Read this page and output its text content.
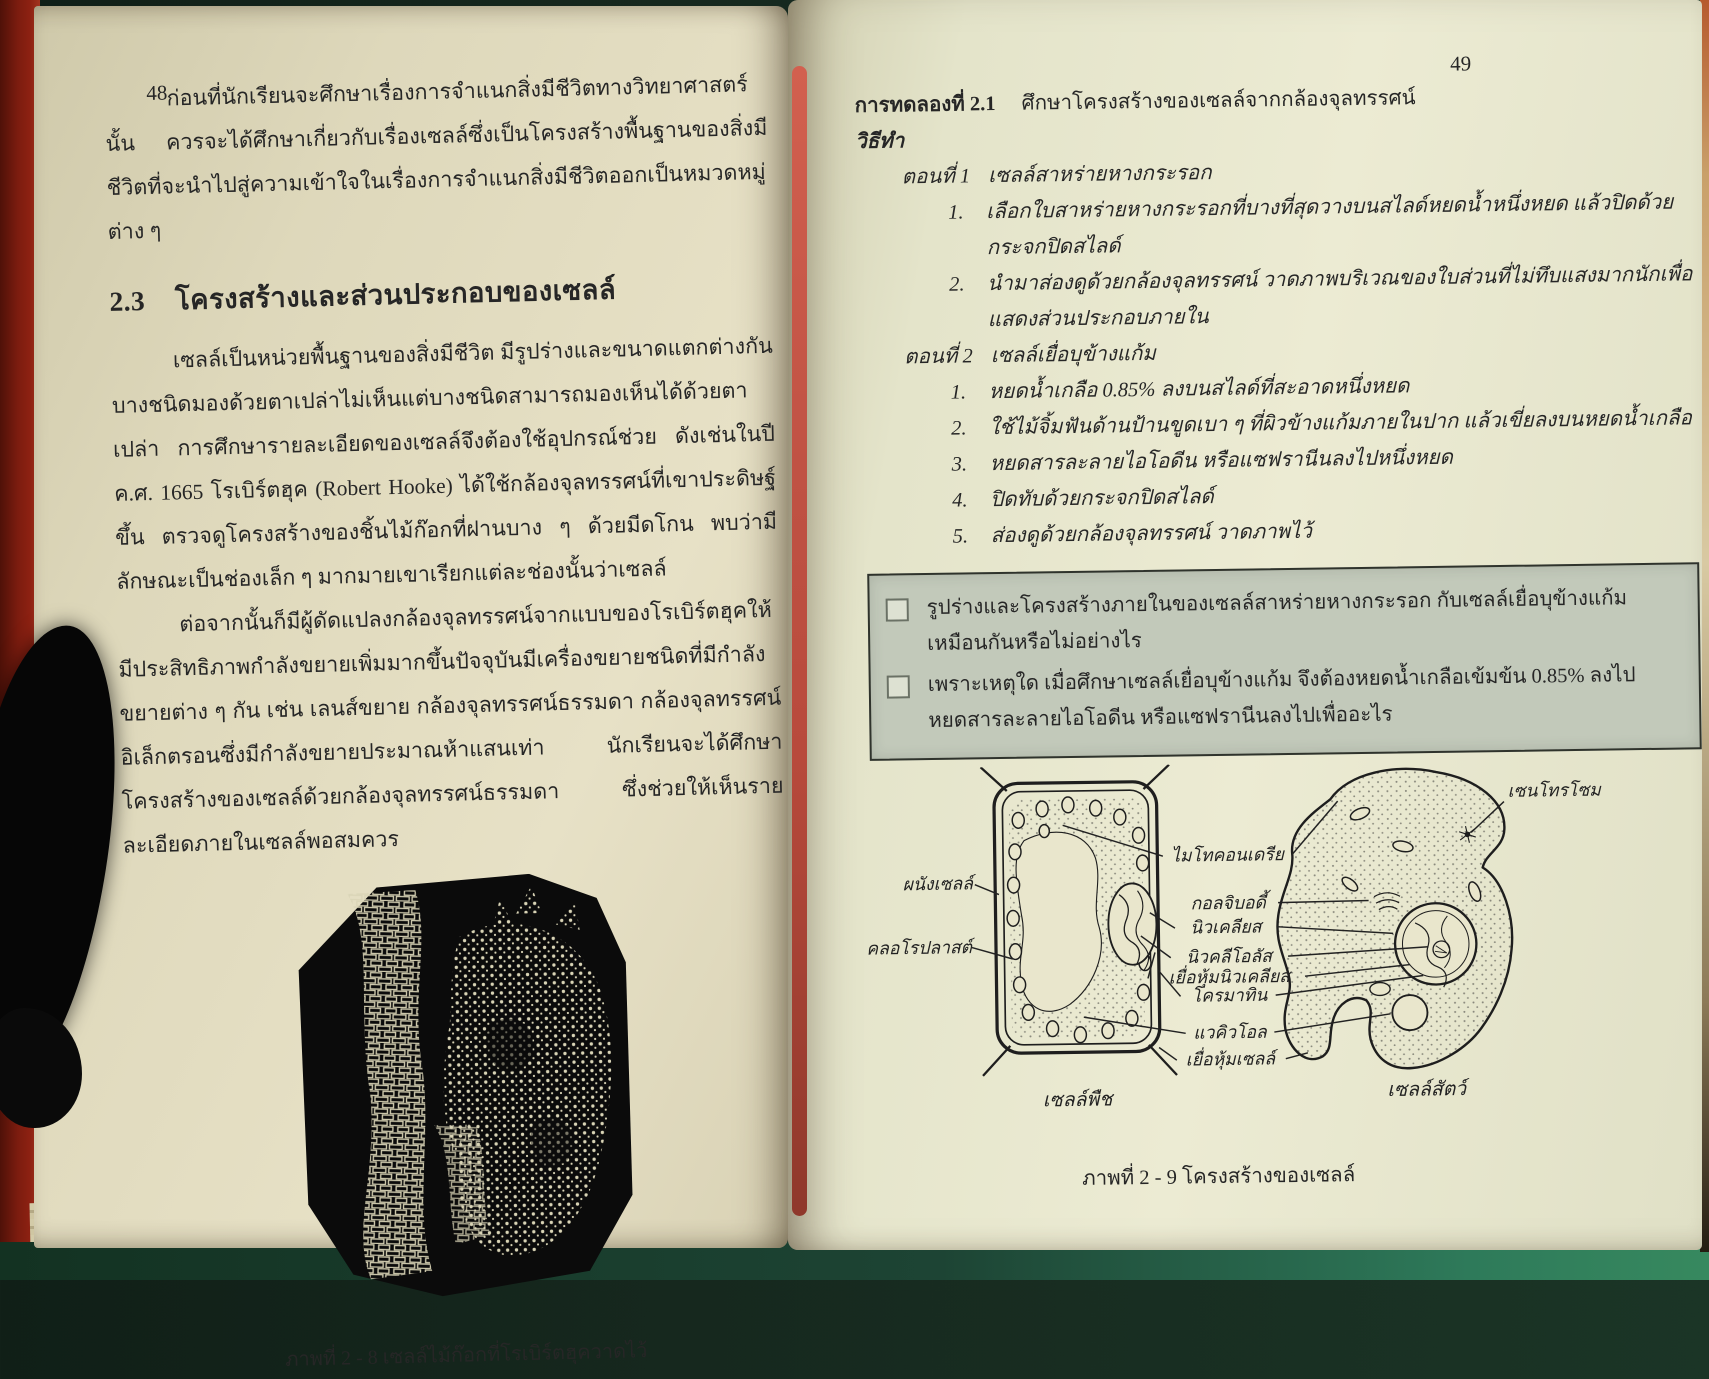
48

ก่อนที่นักเรียนจะศึกษาเรื่องการจำแนกสิ่งมีชีวิตทางวิทยาศาสตร์นั้น ควรจะได้ศึกษาเกี่ยวกับเรื่องเซลล์ซึ่งเป็นโครงสร้างพื้นฐานของสิ่งมีชีวิตที่จะนำไปสู่ความเข้าใจในเรื่องการจำแนกสิ่งมีชีวิตออกเป็นหมวดหมู่ต่าง ๆ

2.3 โครงสร้างและส่วนประกอบของเซลล์

เซลล์เป็นหน่วยพื้นฐานของสิ่งมีชีวิต มีรูปร่างและขนาดแตกต่างกัน บางชนิดมองด้วยตาเปล่าไม่เห็นแต่บางชนิดสามารถมองเห็นได้ด้วยตาเปล่า การศึกษารายละเอียดของเซลล์จึงต้องใช้อุปกรณ์ช่วย ดังเช่นในปี ค.ศ. 1665 โรเบิร์ตฮุค (Robert Hooke) ได้ใช้กล้องจุลทรรศน์ที่เขาประดิษฐ์ขึ้น ตรวจดูโครงสร้างของชิ้นไม้ก๊อกที่ฝานบาง ๆ ด้วยมีดโกน พบว่ามีลักษณะเป็นช่องเล็ก ๆ มากมายเขาเรียกแต่ละช่องนั้นว่าเซลล์

ต่อจากนั้นก็มีผู้ดัดแปลงกล้องจุลทรรศน์จากแบบของโรเบิร์ตฮุคให้มีประสิทธิภาพกำลังขยายเพิ่มมากขึ้นปัจจุบันมีเครื่องขยายชนิดที่มีกำลังขยายต่าง ๆ กัน เช่น เลนส์ขยาย กล้องจุลทรรศน์ธรรมดา กล้องจุลทรรศน์อิเล็กตรอนซึ่งมีกำลังขยายประมาณห้าแสนเท่า นักเรียนจะได้ศึกษาโครงสร้างของเซลล์ด้วยกล้องจุลทรรศน์ธรรมดา ซึ่งช่วยให้เห็นรายละเอียดภายในเซลล์พอสมควร

ภาพที่ 2 - 8 เซลล์ไม้ก๊อกที่โรเบิร์ตฮุควาดไว้
49
การทดลองที่ 2.1 ศึกษาโครงสร้างของเซลล์จากกล้องจุลทรรศน์
วิธีทำ
ตอนที่ 1 เซลล์สาหร่ายหางกระรอก
1.	เลือกใบสาหร่ายหางกระรอกที่บางที่สุดวางบนสไลด์หยดน้ำหนึ่งหยด แล้วปิดด้วยกระจกปิดสไลด์
2.	นำมาส่องดูด้วยกล้องจุลทรรศน์ วาดภาพบริเวณของใบส่วนที่ไม่ทึบแสงมากนักเพื่อแสดงส่วนประกอบภายใน
ตอนที่ 2 เซลล์เยื่อบุข้างแก้ม
1.	หยดน้ำเกลือ 0.85% ลงบนสไลด์ที่สะอาดหนึ่งหยด
2.	ใช้ไม้จิ้มฟันด้านป้านขูดเบา ๆ ที่ผิวข้างแก้มภายในปาก แล้วเขี่ยลงบนหยดน้ำเกลือ
3.	หยดสารละลายไอโอดีน หรือแซฟรานีนลงไปหนึ่งหยด
4.	ปิดทับด้วยกระจกปิดสไลด์
5.	ส่องดูด้วยกล้องจุลทรรศน์ วาดภาพไว้
รูปร่างและโครงสร้างภายในของเซลล์สาหร่ายหางกระรอก กับเซลล์เยื่อบุข้างแก้มเหมือนกันหรือไม่อย่างไร
เพราะเหตุใด เมื่อศึกษาเซลล์เยื่อบุข้างแก้ม จึงต้องหยดน้ำเกลือเข้มข้น 0.85% ลงไป หยดสารละลายไอโอดีน หรือแซฟรานีนลงไปเพื่ออะไร
ผนังเซลล์
คลอโรปลาสต์
ไมโทคอนเดรีย
กอลจิบอดี้
นิวเคลียส
นิวคลีโอลัส
เยื่อหุ้มนิวเคลียส
โครมาทิน
แวคิวโอล
เยื่อหุ้มเซลล์
เซนโทรโซม
เซลล์พืช	เซลล์สัตว์
ภาพที่ 2 - 9 โครงสร้างของเซลล์
